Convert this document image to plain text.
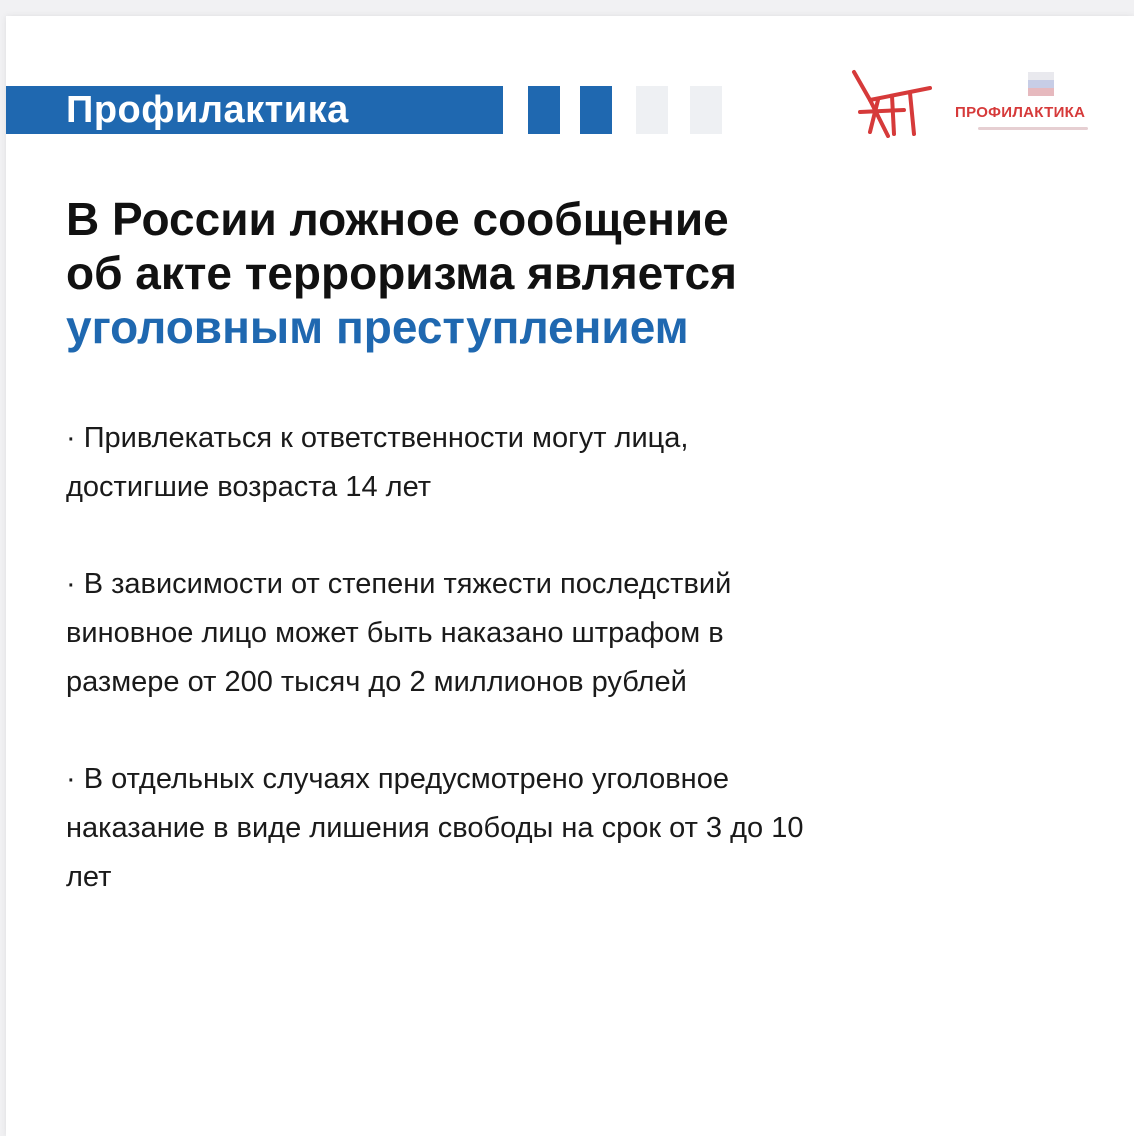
Профилактика	ПРОФИЛАКТИКА
В России ложное сообщение
об акте терроризма является
уголовным преступлением
· Привлекаться к ответственности могут лица,
достигшие возраста 14 лет
· В зависимости от степени тяжести последствий
виновное лицо может быть наказано штрафом в
размере от 200 тысяч до 2 миллионов рублей
· В отдельных случаях предусмотрено уголовное
наказание в виде лишения свободы на срок от 3 до 10
лет
